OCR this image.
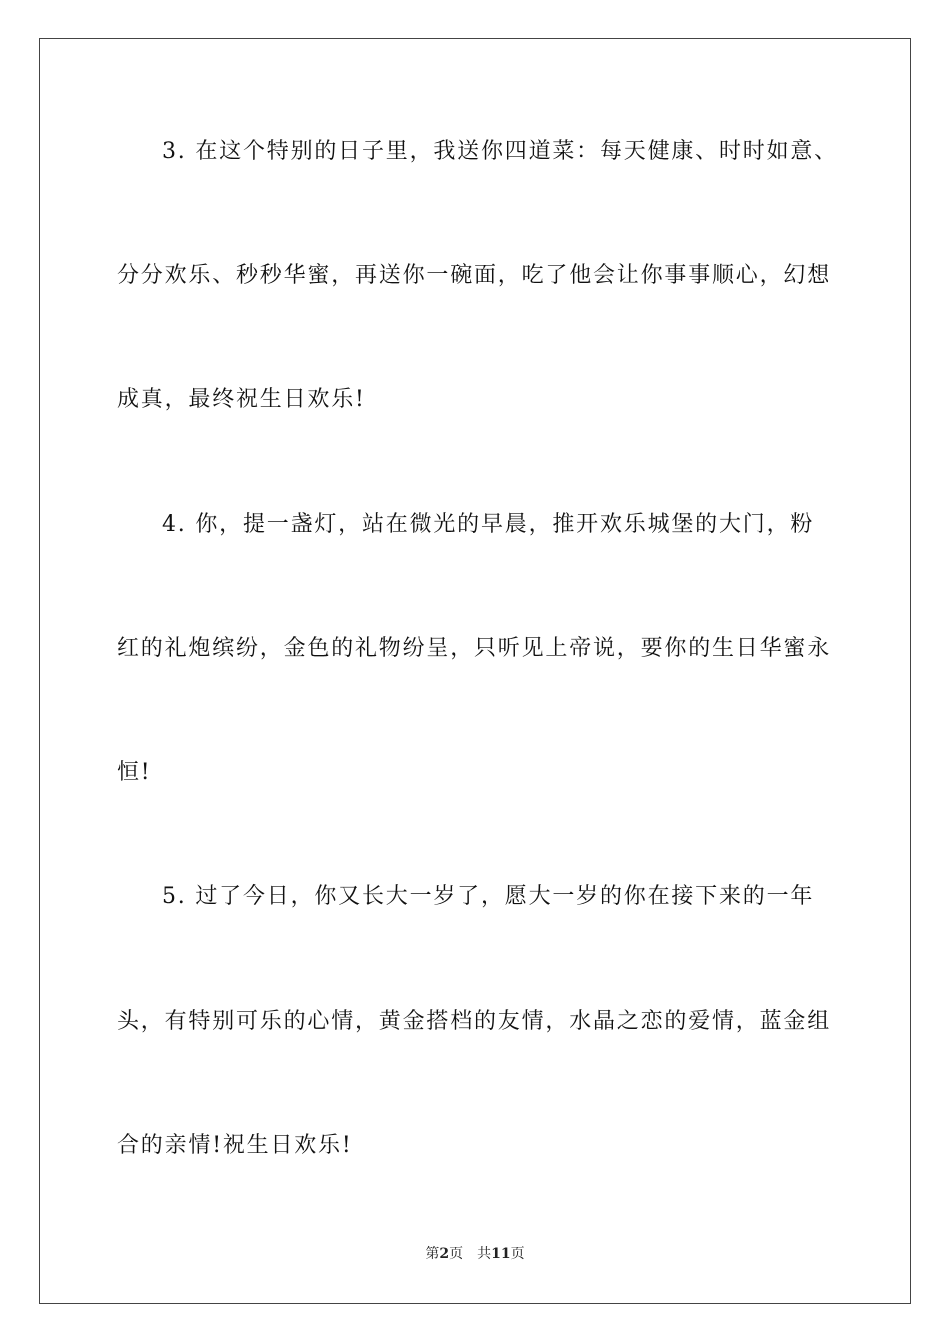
3. 在这个特别的日子里，我送你四道菜：每天健康、时时如意、
分分欢乐、秒秒华蜜，再送你一碗面，吃了他会让你事事顺心，幻想
成真，最终祝生日欢乐!
4. 你，提一盏灯，站在微光的早晨，推开欢乐城堡的大门，粉
红的礼炮缤纷，金色的礼物纷呈，只听见上帝说，要你的生日华蜜永
恒!
5. 过了今日，你又长大一岁了，愿大一岁的你在接下来的一年
头，有特别可乐的心情，黄金搭档的友情，水晶之恋的爱情，蓝金组
合的亲情!祝生日欢乐!
第2页 共11页
